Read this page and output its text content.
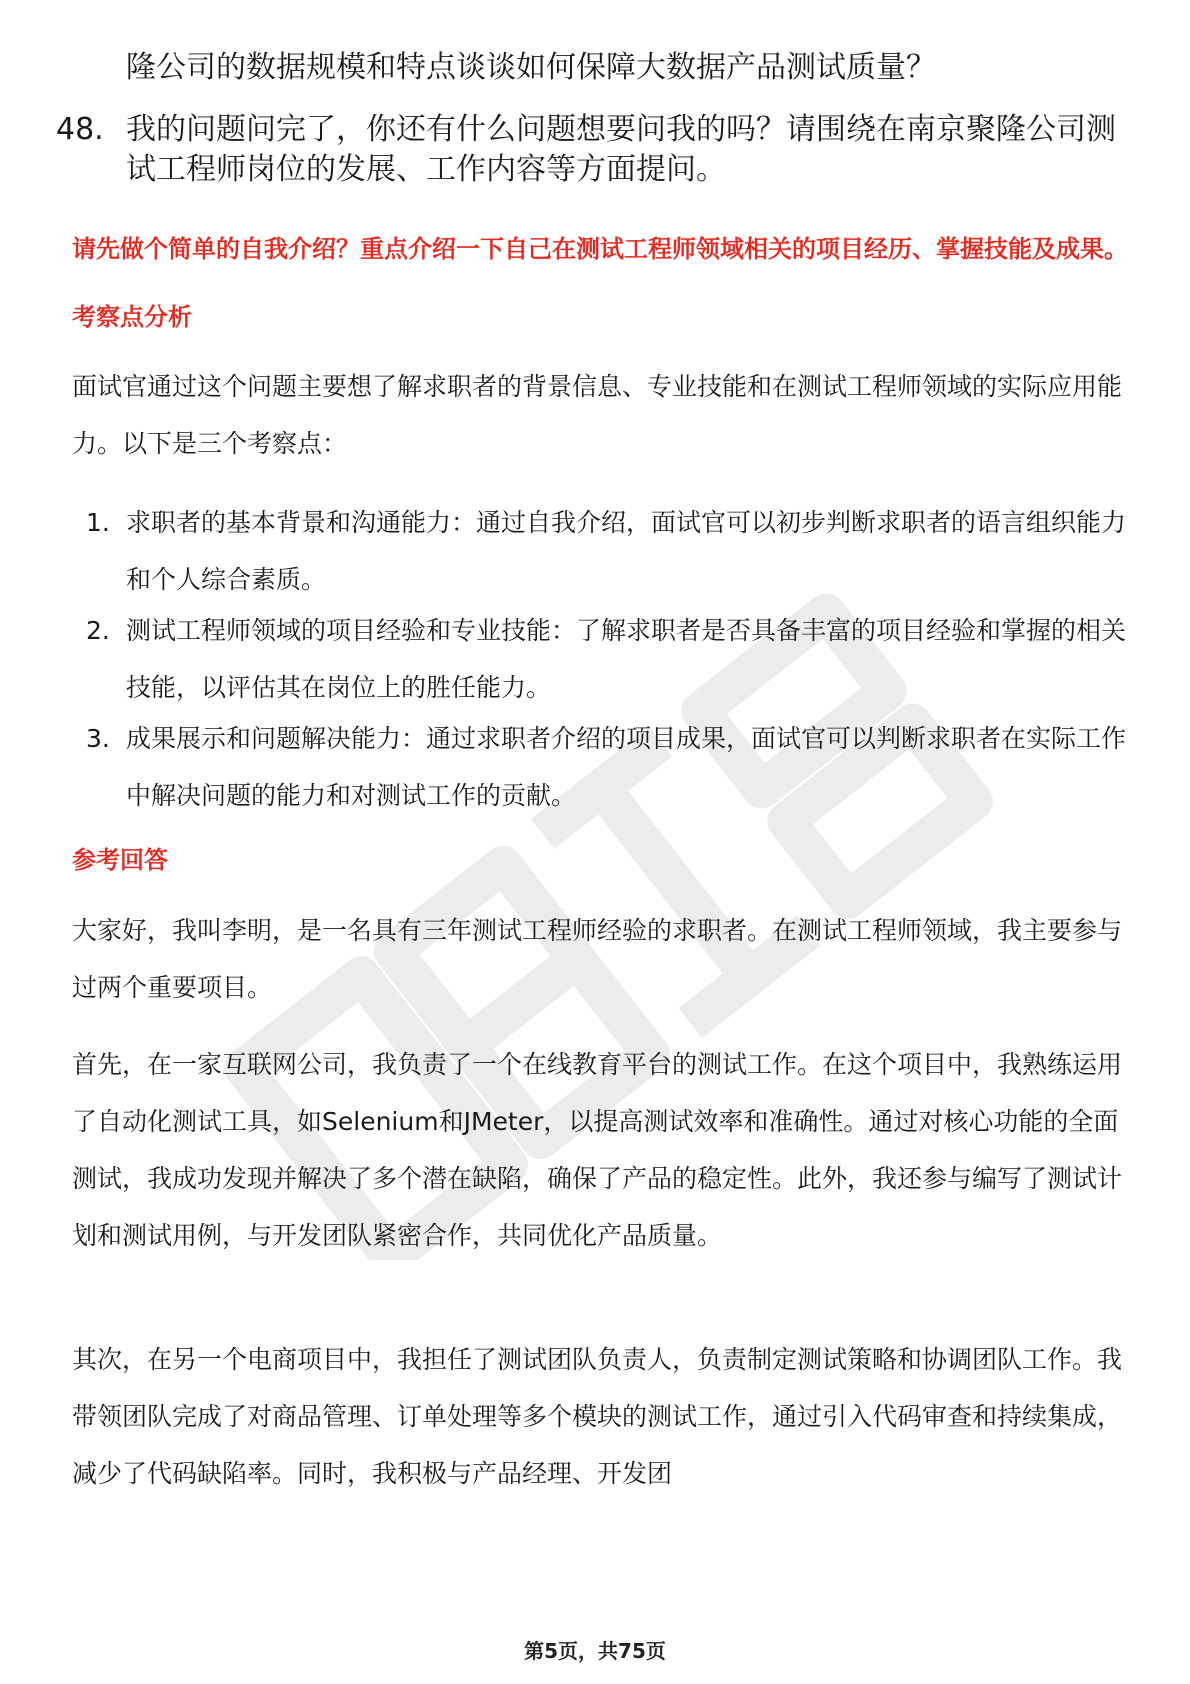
隆公司的数据规模和特点谈谈如何保障大数据产品测试质量？
48. 我的问题问完了，你还有什么问题想要问我的吗？请围绕在南京聚隆公司测试工程师岗位的发展、工作内容等方面提问。
请先做个简单的自我介绍？重点介绍一下自己在测试工程师领域相关的项目经历、掌握技能及成果。
考察点分析
面试官通过这个问题主要想了解求职者的背景信息、专业技能和在测试工程师领域的实际应用能力。以下是三个考察点：
1. 求职者的基本背景和沟通能力：通过自我介绍，面试官可以初步判断求职者的语言组织能力和个人综合素质。
2. 测试工程师领域的项目经验和专业技能：了解求职者是否具备丰富的项目经验和掌握的相关技能，以评估其在岗位上的胜任能力。
3. 成果展示和问题解决能力：通过求职者介绍的项目成果，面试官可以判断求职者在实际工作中解决问题的能力和对测试工作的贡献。
参考回答
大家好，我叫李明，是一名具有三年测试工程师经验的求职者。在测试工程师领域，我主要参与过两个重要项目。
首先，在一家互联网公司，我负责了一个在线教育平台的测试工作。在这个项目中，我熟练运用了自动化测试工具，如Selenium和JMeter，以提高测试效率和准确性。通过对核心功能的全面测试，我成功发现并解决了多个潜在缺陷，确保了产品的稳定性。此外，我还参与编写了测试计划和测试用例，与开发团队紧密合作，共同优化产品质量。
其次，在另一个电商项目中，我担任了测试团队负责人，负责制定测试策略和协调团队工作。我带领团队完成了对商品管理、订单处理等多个模块的测试工作，通过引入代码审查和持续集成，减少了代码缺陷率。同时，我积极与产品经理、开发团
第5页，共75页
